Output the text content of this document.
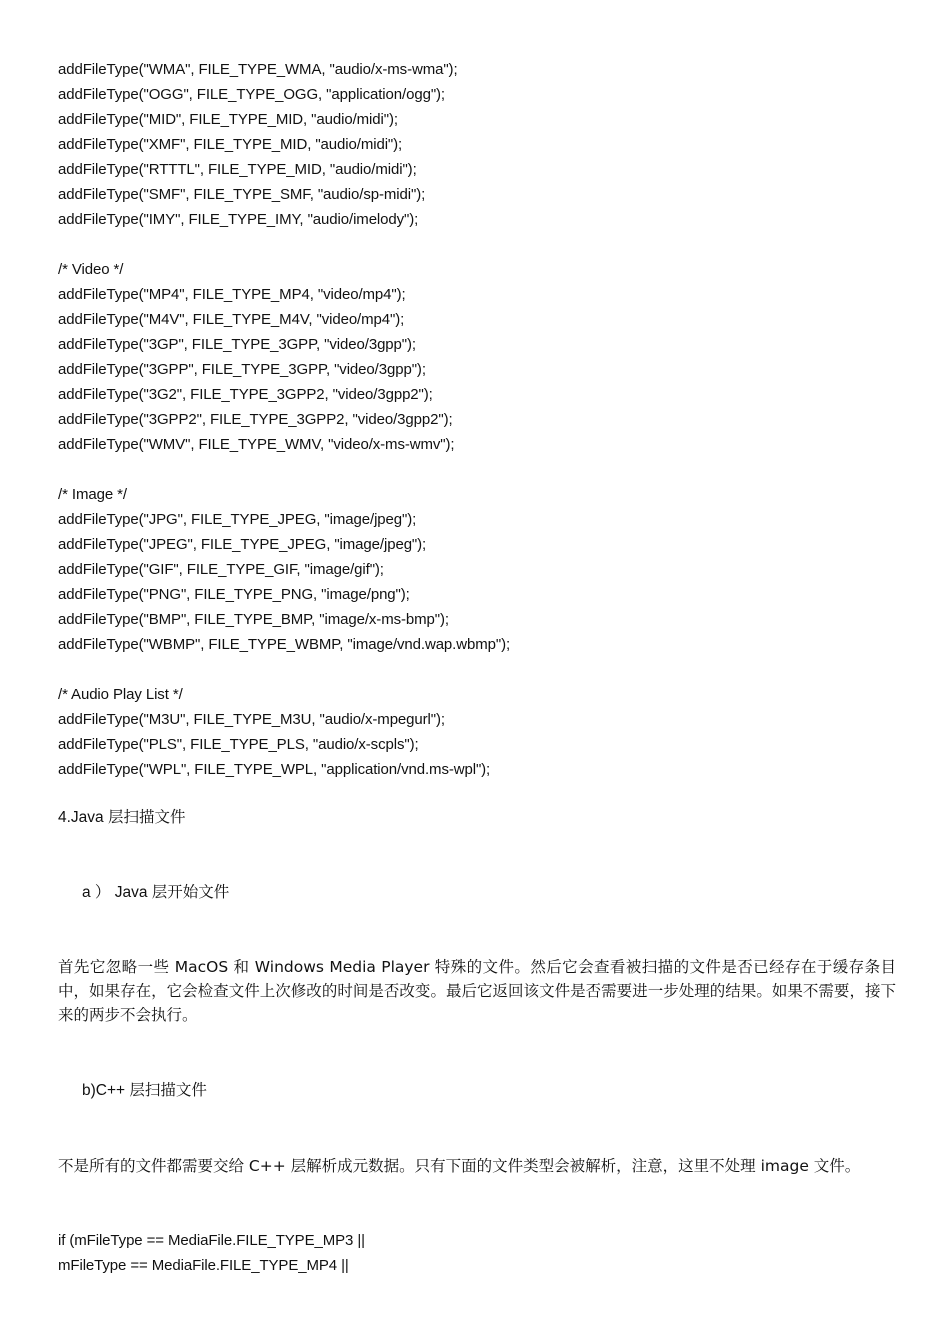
addFileType("WMA", FILE_TYPE_WMA, "audio/x-ms-wma");
addFileType("OGG", FILE_TYPE_OGG, "application/ogg");
addFileType("MID", FILE_TYPE_MID, "audio/midi");
addFileType("XMF", FILE_TYPE_MID, "audio/midi");
addFileType("RTTTL", FILE_TYPE_MID, "audio/midi");
addFileType("SMF", FILE_TYPE_SMF, "audio/sp-midi");
addFileType("IMY", FILE_TYPE_IMY, "audio/imelody");
/* Video */
addFileType("MP4", FILE_TYPE_MP4, "video/mp4");
addFileType("M4V", FILE_TYPE_M4V, "video/mp4");
addFileType("3GP", FILE_TYPE_3GPP, "video/3gpp");
addFileType("3GPP", FILE_TYPE_3GPP, "video/3gpp");
addFileType("3G2", FILE_TYPE_3GPP2, "video/3gpp2");
addFileType("3GPP2", FILE_TYPE_3GPP2, "video/3gpp2");
addFileType("WMV", FILE_TYPE_WMV, "video/x-ms-wmv");
/* Image */
addFileType("JPG", FILE_TYPE_JPEG, "image/jpeg");
addFileType("JPEG", FILE_TYPE_JPEG, "image/jpeg");
addFileType("GIF", FILE_TYPE_GIF, "image/gif");
addFileType("PNG", FILE_TYPE_PNG, "image/png");
addFileType("BMP", FILE_TYPE_BMP, "image/x-ms-bmp");
addFileType("WBMP", FILE_TYPE_WBMP, "image/vnd.wap.wbmp");
/* Audio Play List */
addFileType("M3U", FILE_TYPE_M3U, "audio/x-mpegurl");
addFileType("PLS", FILE_TYPE_PLS, "audio/x-scpls");
addFileType("WPL", FILE_TYPE_WPL, "application/vnd.ms-wpl");
4.Java 层扫描文件
a ） Java 层开始文件
首先它忽略一些 MacOS 和 Windows Media Player 特殊的文件。然后它会查看被扫描的文件是否已经存在于缓存条目中，如果存在，它会检查文件上次修改的时间是否改变。最后它返回该文件是否需要进一步处理的结果。如果不需要，接下来的两步不会执行。
b)C++ 层扫描文件
不是所有的文件都需要交给 C++ 层解析成元数据。只有下面的文件类型会被解析，注意，这里不处理 image 文件。
if (mFileType == MediaFile.FILE_TYPE_MP3 ||
mFileType == MediaFile.FILE_TYPE_MP4 ||
